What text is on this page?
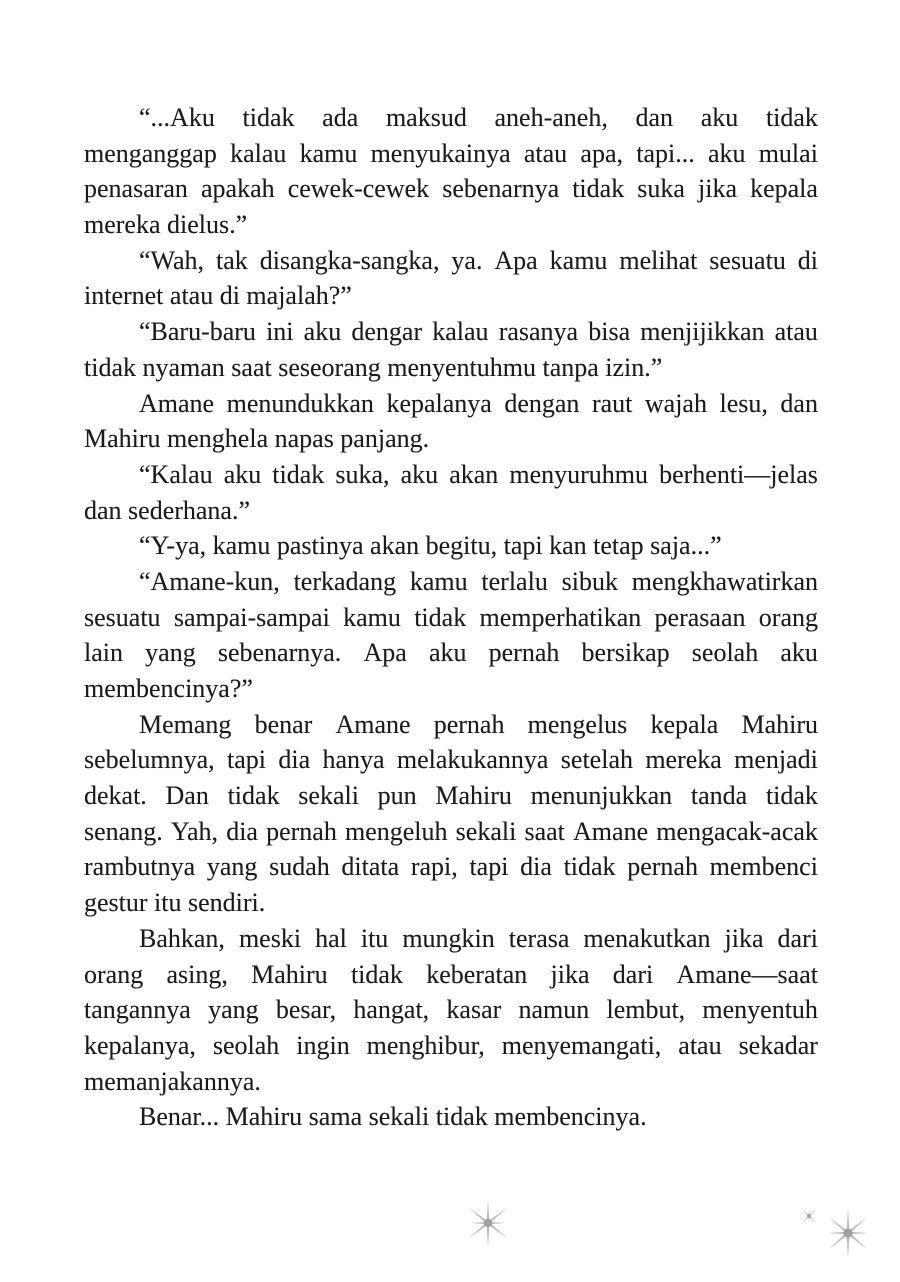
“...Aku tidak ada maksud aneh-aneh, dan aku tidak
menganggap kalau kamu menyukainya atau apa, tapi... aku mulai
penasaran apakah cewek-cewek sebenarnya tidak suka jika kepala
mereka dielus.”
“Wah, tak disangka-sangka, ya. Apa kamu melihat sesuatu di
internet atau di majalah?”
“Baru-baru ini aku dengar kalau rasanya bisa menjijikkan atau
tidak nyaman saat seseorang menyentuhmu tanpa izin.”
Amane menundukkan kepalanya dengan raut wajah lesu, dan
Mahiru menghela napas panjang.
“Kalau aku tidak suka, aku akan menyuruhmu berhenti—jelas
dan sederhana.”
“Y-ya, kamu pastinya akan begitu, tapi kan tetap saja...”
“Amane-kun, terkadang kamu terlalu sibuk mengkhawatirkan
sesuatu sampai-sampai kamu tidak memperhatikan perasaan orang
lain yang sebenarnya. Apa aku pernah bersikap seolah aku
membencinya?”
Memang benar Amane pernah mengelus kepala Mahiru
sebelumnya, tapi dia hanya melakukannya setelah mereka menjadi
dekat. Dan tidak sekali pun Mahiru menunjukkan tanda tidak
senang. Yah, dia pernah mengeluh sekali saat Amane mengacak-acak
rambutnya yang sudah ditata rapi, tapi dia tidak pernah membenci
gestur itu sendiri.
Bahkan, meski hal itu mungkin terasa menakutkan jika dari
orang asing, Mahiru tidak keberatan jika dari Amane—saat
tangannya yang besar, hangat, kasar namun lembut, menyentuh
kepalanya, seolah ingin menghibur, menyemangati, atau sekadar
memanjakannya.
Benar... Mahiru sama sekali tidak membencinya.
